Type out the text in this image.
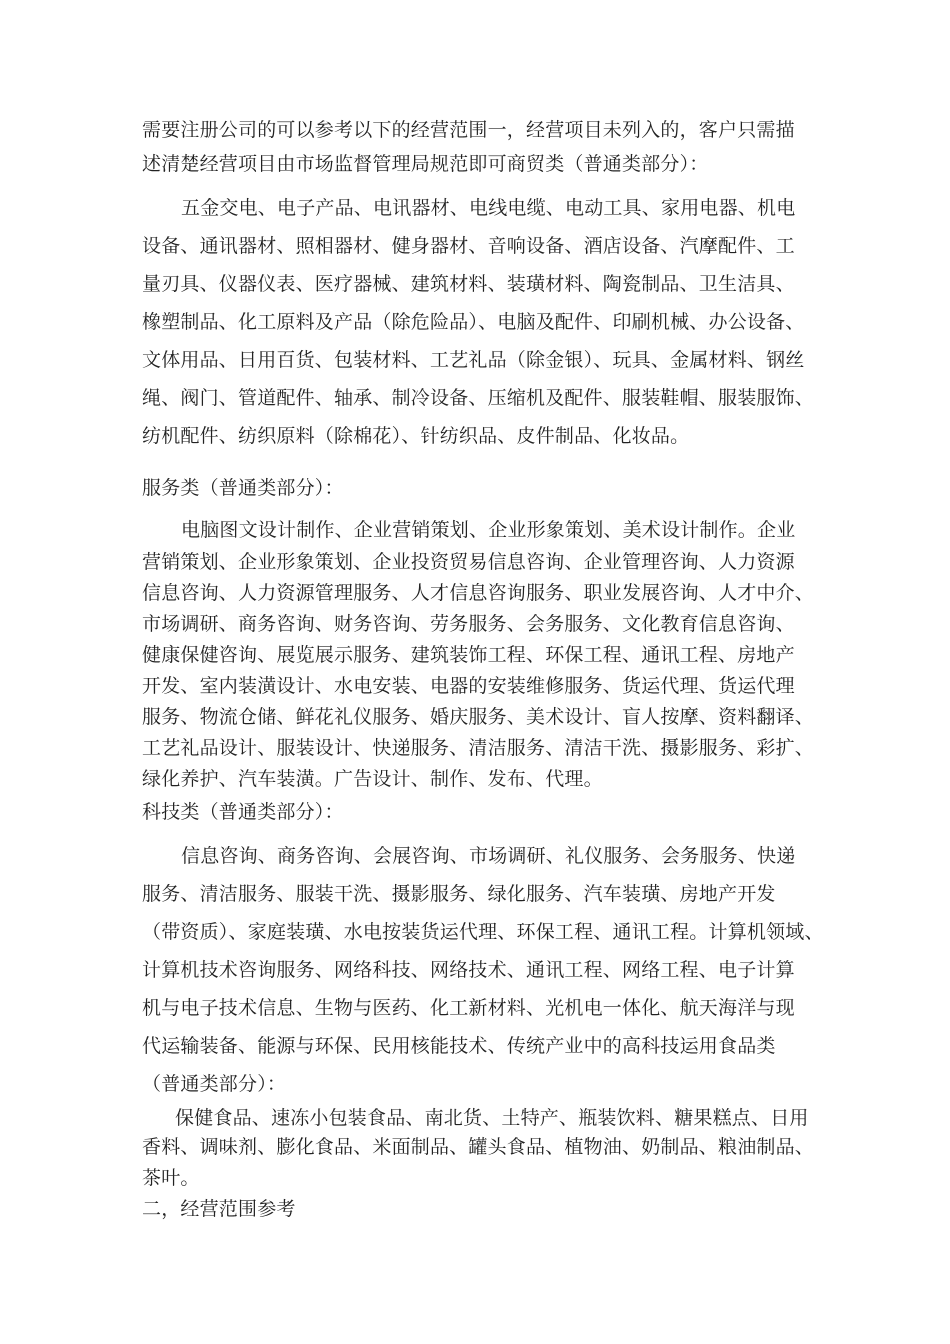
需要注册公司的可以参考以下的经营范围一，经营项目未列入的，客户只需描
述清楚经营项目由市场监督管理局规范即可商贸类（普通类部分）：
五金交电、电子产品、电讯器材、电线电缆、电动工具、家用电器、机电
设备、通讯器材、照相器材、健身器材、音响设备、酒店设备、汽摩配件、工
量刃具、仪器仪表、医疗器械、建筑材料、装璜材料、陶瓷制品、卫生洁具、
橡塑制品、化工原料及产品（除危险品）、电脑及配件、印刷机械、办公设备、
文体用品、日用百货、包装材料、工艺礼品（除金银）、玩具、金属材料、钢丝
绳、阀门、管道配件、轴承、制冷设备、压缩机及配件、服装鞋帽、服装服饰、
纺机配件、纺织原料（除棉花）、针纺织品、皮件制品、化妆品。
服务类（普通类部分）：
电脑图文设计制作、企业营销策划、企业形象策划、美术设计制作。企业
营销策划、企业形象策划、企业投资贸易信息咨询、企业管理咨询、人力资源
信息咨询、人力资源管理服务、人才信息咨询服务、职业发展咨询、人才中介、
市场调研、商务咨询、财务咨询、劳务服务、会务服务、文化教育信息咨询、
健康保健咨询、展览展示服务、建筑装饰工程、环保工程、通讯工程、房地产
开发、室内装潢设计、水电安装、电器的安装维修服务、货运代理、货运代理
服务、物流仓储、鲜花礼仪服务、婚庆服务、美术设计、盲人按摩、资料翻译、
工艺礼品设计、服装设计、快递服务、清洁服务、清洁干洗、摄影服务、彩扩、
绿化养护、汽车装潢。广告设计、制作、发布、代理。
科技类（普通类部分）：
信息咨询、商务咨询、会展咨询、市场调研、礼仪服务、会务服务、快递
服务、清洁服务、服装干洗、摄影服务、绿化服务、汽车装璜、房地产开发
（带资质）、家庭装璜、水电按装货运代理、环保工程、通讯工程。计算机领域、
计算机技术咨询服务、网络科技、网络技术、通讯工程、网络工程、电子计算
机与电子技术信息、生物与医药、化工新材料、光机电一体化、航天海洋与现
代运输装备、能源与环保、民用核能技术、传统产业中的高科技运用食品类
（普通类部分）：
保健食品、速冻小包装食品、南北货、土特产、瓶装饮料、糖果糕点、日用
香料、调味剂、膨化食品、米面制品、罐头食品、植物油、奶制品、粮油制品、
茶叶。
二，经营范围参考
